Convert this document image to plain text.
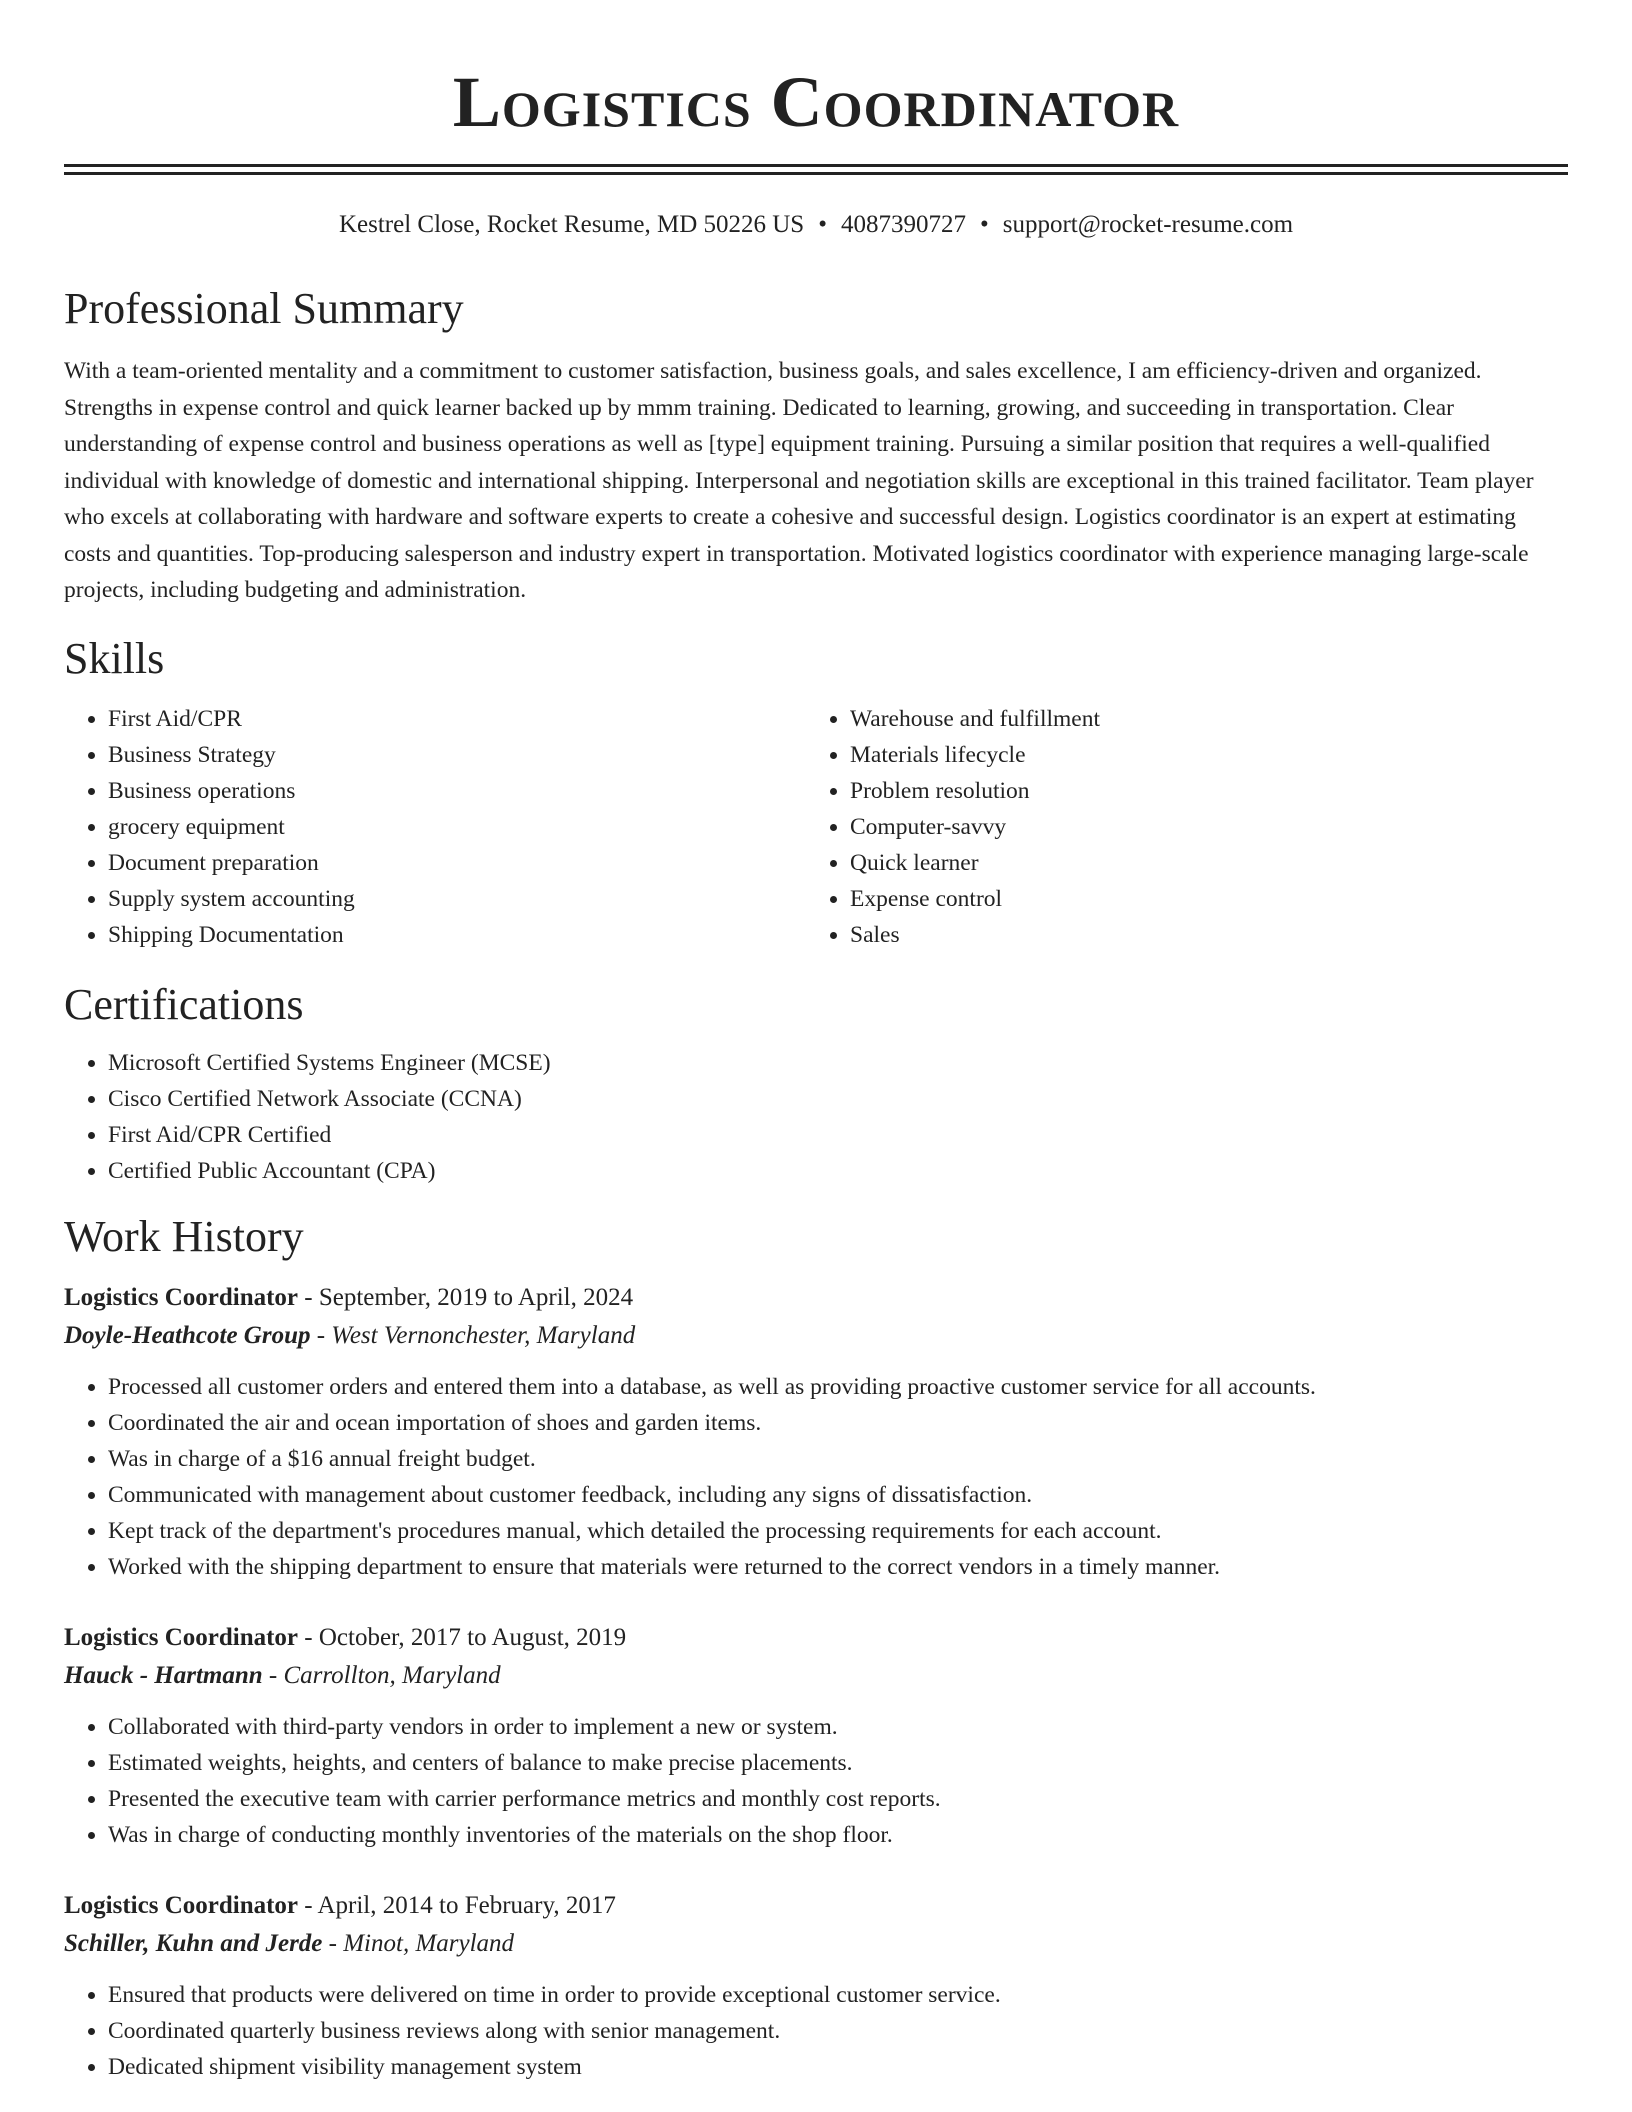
Logistics Coordinator
Kestrel Close, Rocket Resume, MD 50226 US • 4087390727 • support@rocket-resume.com
Professional Summary

With a team-oriented mentality and a commitment to customer satisfaction, business goals, and sales excellence, I am efficiency-driven and organized. Strengths in expense control and quick learner backed up by mmm training. Dedicated to learning, growing, and succeeding in transportation. Clear understanding of expense control and business operations as well as [type] equipment training. Pursuing a similar position that requires a well-qualified individual with knowledge of domestic and international shipping. Interpersonal and negotiation skills are exceptional in this trained facilitator. Team player who excels at collaborating with hardware and software experts to create a cohesive and successful design. Logistics coordinator is an expert at estimating costs and quantities. Top-producing salesperson and industry expert in transportation. Motivated logistics coordinator with experience managing large-scale projects, including budgeting and administration.

Skills
• First Aid/CPR
• Business Strategy
• Business operations
• grocery equipment
• Document preparation
• Supply system accounting
• Shipping Documentation
• Warehouse and fulfillment
• Materials lifecycle
• Problem resolution
• Computer-savvy
• Quick learner
• Expense control
• Sales
Certifications
• Microsoft Certified Systems Engineer (MCSE)
• Cisco Certified Network Associate (CCNA)
• First Aid/CPR Certified
• Certified Public Accountant (CPA)
Work History
Logistics Coordinator - September, 2019 to April, 2024
Doyle-Heathcote Group - West Vernonchester, Maryland
• Processed all customer orders and entered them into a database, as well as providing proactive customer service for all accounts.
• Coordinated the air and ocean importation of shoes and garden items.
• Was in charge of a $16 annual freight budget.
• Communicated with management about customer feedback, including any signs of dissatisfaction.
• Kept track of the department's procedures manual, which detailed the processing requirements for each account.
• Worked with the shipping department to ensure that materials were returned to the correct vendors in a timely manner.
Logistics Coordinator - October, 2017 to August, 2019
Hauck - Hartmann - Carrollton, Maryland
• Collaborated with third-party vendors in order to implement a new or system.
• Estimated weights, heights, and centers of balance to make precise placements.
• Presented the executive team with carrier performance metrics and monthly cost reports.
• Was in charge of conducting monthly inventories of the materials on the shop floor.
Logistics Coordinator - April, 2014 to February, 2017
Schiller, Kuhn and Jerde - Minot, Maryland
• Ensured that products were delivered on time in order to provide exceptional customer service.
• Coordinated quarterly business reviews along with senior management.
• Dedicated shipment visibility management system
